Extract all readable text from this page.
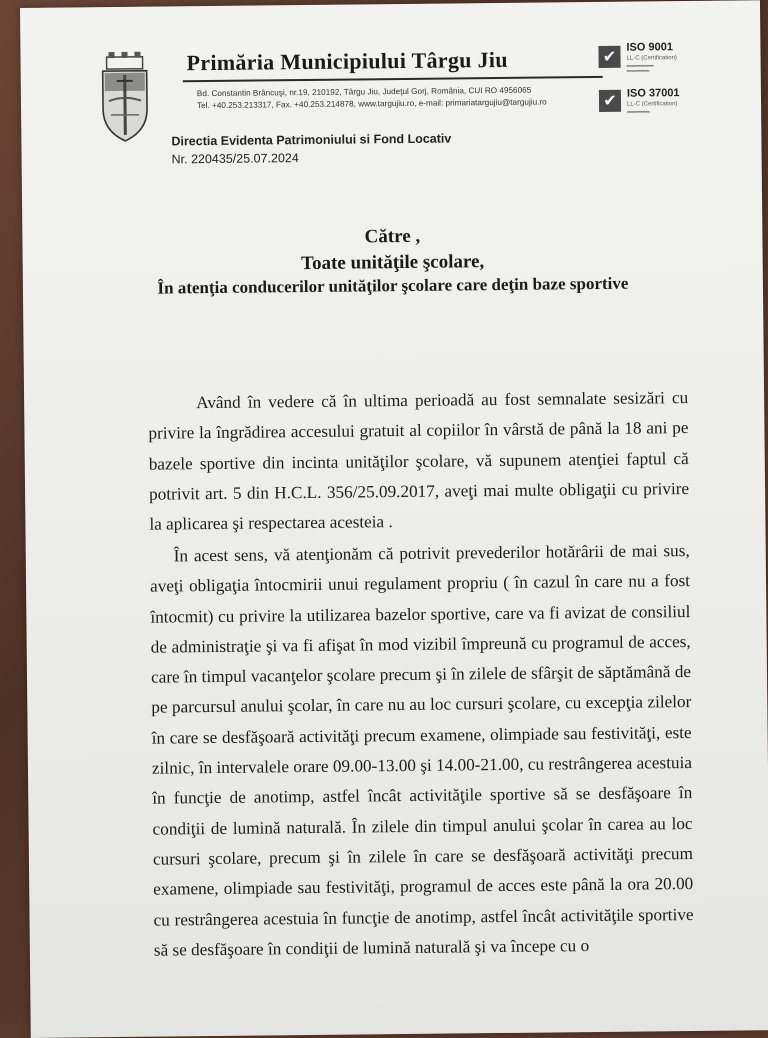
Primăria Municipiului Târgu Jiu
Bd. Constantin Brâncuşi, nr.19, 210192, Târgu Jiu, Judeţul Gorj, România, CUI RO 4956065
Tel. +40.253.213317, Fax. +40.253.214878, www.targujiu.ro, e-mail: primariatargujiu@targujiu.ro
✔ ISO 9001
LL-C (Certification)
▬▬▬▬▬▬
▬▬▬▬▬
✔ ISO 37001
LL-C (Certification)
▬▬▬▬▬
Directia Evidenta Patrimoniului si Fond Locativ
Nr. 220435/25.07.2024
Către ,
Toate unităţile şcolare,
În atenţia conducerilor unităţilor şcolare care deţin baze sportive
Având în vedere că în ultima perioadă au fost semnalate sesizări cu privire la îngrădirea accesului gratuit al copiilor în vârstă de până la 18 ani pe bazele sportive din incinta unităţilor şcolare, vă supunem atenţiei faptul că potrivit art. 5 din H.C.L. 356/25.09.2017, aveţi mai multe obligaţii cu privire la aplicarea şi respectarea acesteia .
În acest sens, vă atenţionăm că potrivit prevederilor hotărârii de mai sus, aveţi obligaţia întocmirii unui regulament propriu ( în cazul în care nu a fost întocmit) cu privire la utilizarea bazelor sportive, care va fi avizat de consiliul de administraţie şi va fi afişat în mod vizibil împreună cu programul de acces, care în timpul vacanţelor şcolare precum şi în zilele de sfârşit de săptămână de pe parcursul anului şcolar, în care nu au loc cursuri şcolare, cu excepţia zilelor în care se desfăşoară activităţi precum examene, olimpiade sau festivităţi, este zilnic, în intervalele orare 09.00-13.00 şi 14.00-21.00, cu restrângerea acestuia în funcţie de anotimp, astfel încât activităţile sportive să se desfăşoare în condiţii de lumină naturală. În zilele din timpul anului şcolar în carea au loc cursuri şcolare, precum şi în zilele în care se desfăşoară activităţi precum examene, olimpiade sau festivităţi, programul de acces este până la ora 20.00 cu restrângerea acestuia în funcţie de anotimp, astfel încât activităţile sportive să se desfăşoare în condiţii de lumină naturală şi va începe cu o
